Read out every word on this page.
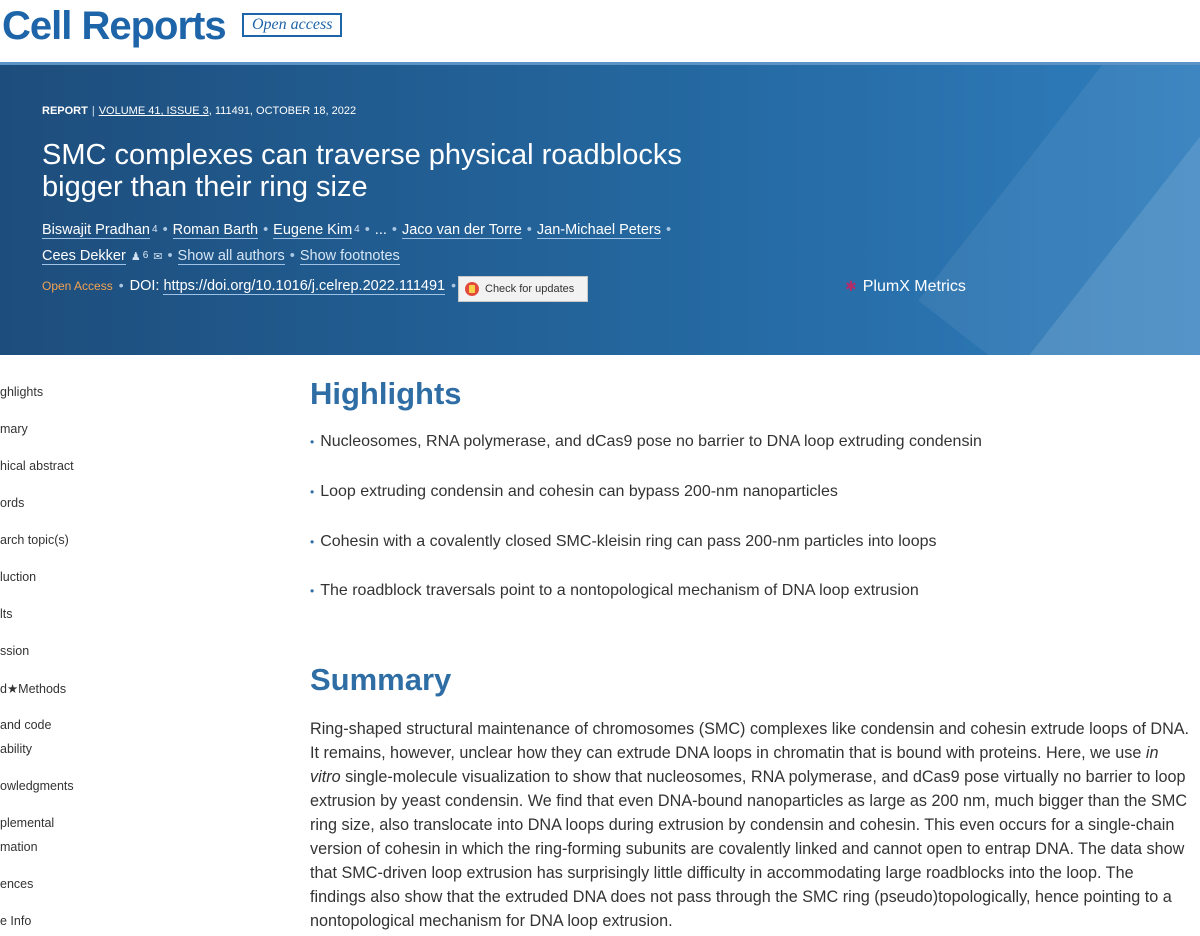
Cell Reports	Open access
REPORT | VOLUME 41, ISSUE 3, 111491, OCTOBER 18, 2022
SMC complexes can traverse physical roadblocks bigger than their ring size
Biswajit Pradhan $^4$ • Roman Barth • Eugene Kim $^4$ • ... • Jaco van der Torre • Jan-Michael Peters •
Cees Dekker ♟ $^6$ ✉ • Show all authors • Show footnotes
Open Access • DOI: https://doi.org/10.1016/j.celrep.2022.111491 •	Check for updates	✱ PlumX Metrics
ghlights
mary
hical abstract
ords
arch topic(s)
luction
lts
ssion
d★Methods
and code
ability
owledgments
plemental
mation
ences
e Info
Highlights
• Nucleosomes, RNA polymerase, and dCas9 pose no barrier to DNA loop extruding condensin
• Loop extruding condensin and cohesin can bypass 200-nm nanoparticles
• Cohesin with a covalently closed SMC-kleisin ring can pass 200-nm particles into loops
• The roadblock traversals point to a nontopological mechanism of DNA loop extrusion
Summary

Ring-shaped structural maintenance of chromosomes (SMC) complexes like condensin and cohesin extrude loops of DNA. It remains, however, unclear how they can extrude DNA loops in chromatin that is bound with proteins. Here, we use in vitro single-molecule visualization to show that nucleosomes, RNA polymerase, and dCas9 pose virtually no barrier to loop extrusion by yeast condensin. We find that even DNA-bound nanoparticles as large as 200 nm, much bigger than the SMC ring size, also translocate into DNA loops during extrusion by condensin and cohesin. This even occurs for a single-chain version of cohesin in which the ring-forming subunits are covalently linked and cannot open to entrap DNA. The data show that SMC-driven loop extrusion has surprisingly little difficulty in accommodating large roadblocks into the loop. The findings also show that the extruded DNA does not pass through the SMC ring (pseudo)topologically, hence pointing to a nontopological mechanism for DNA loop extrusion.
